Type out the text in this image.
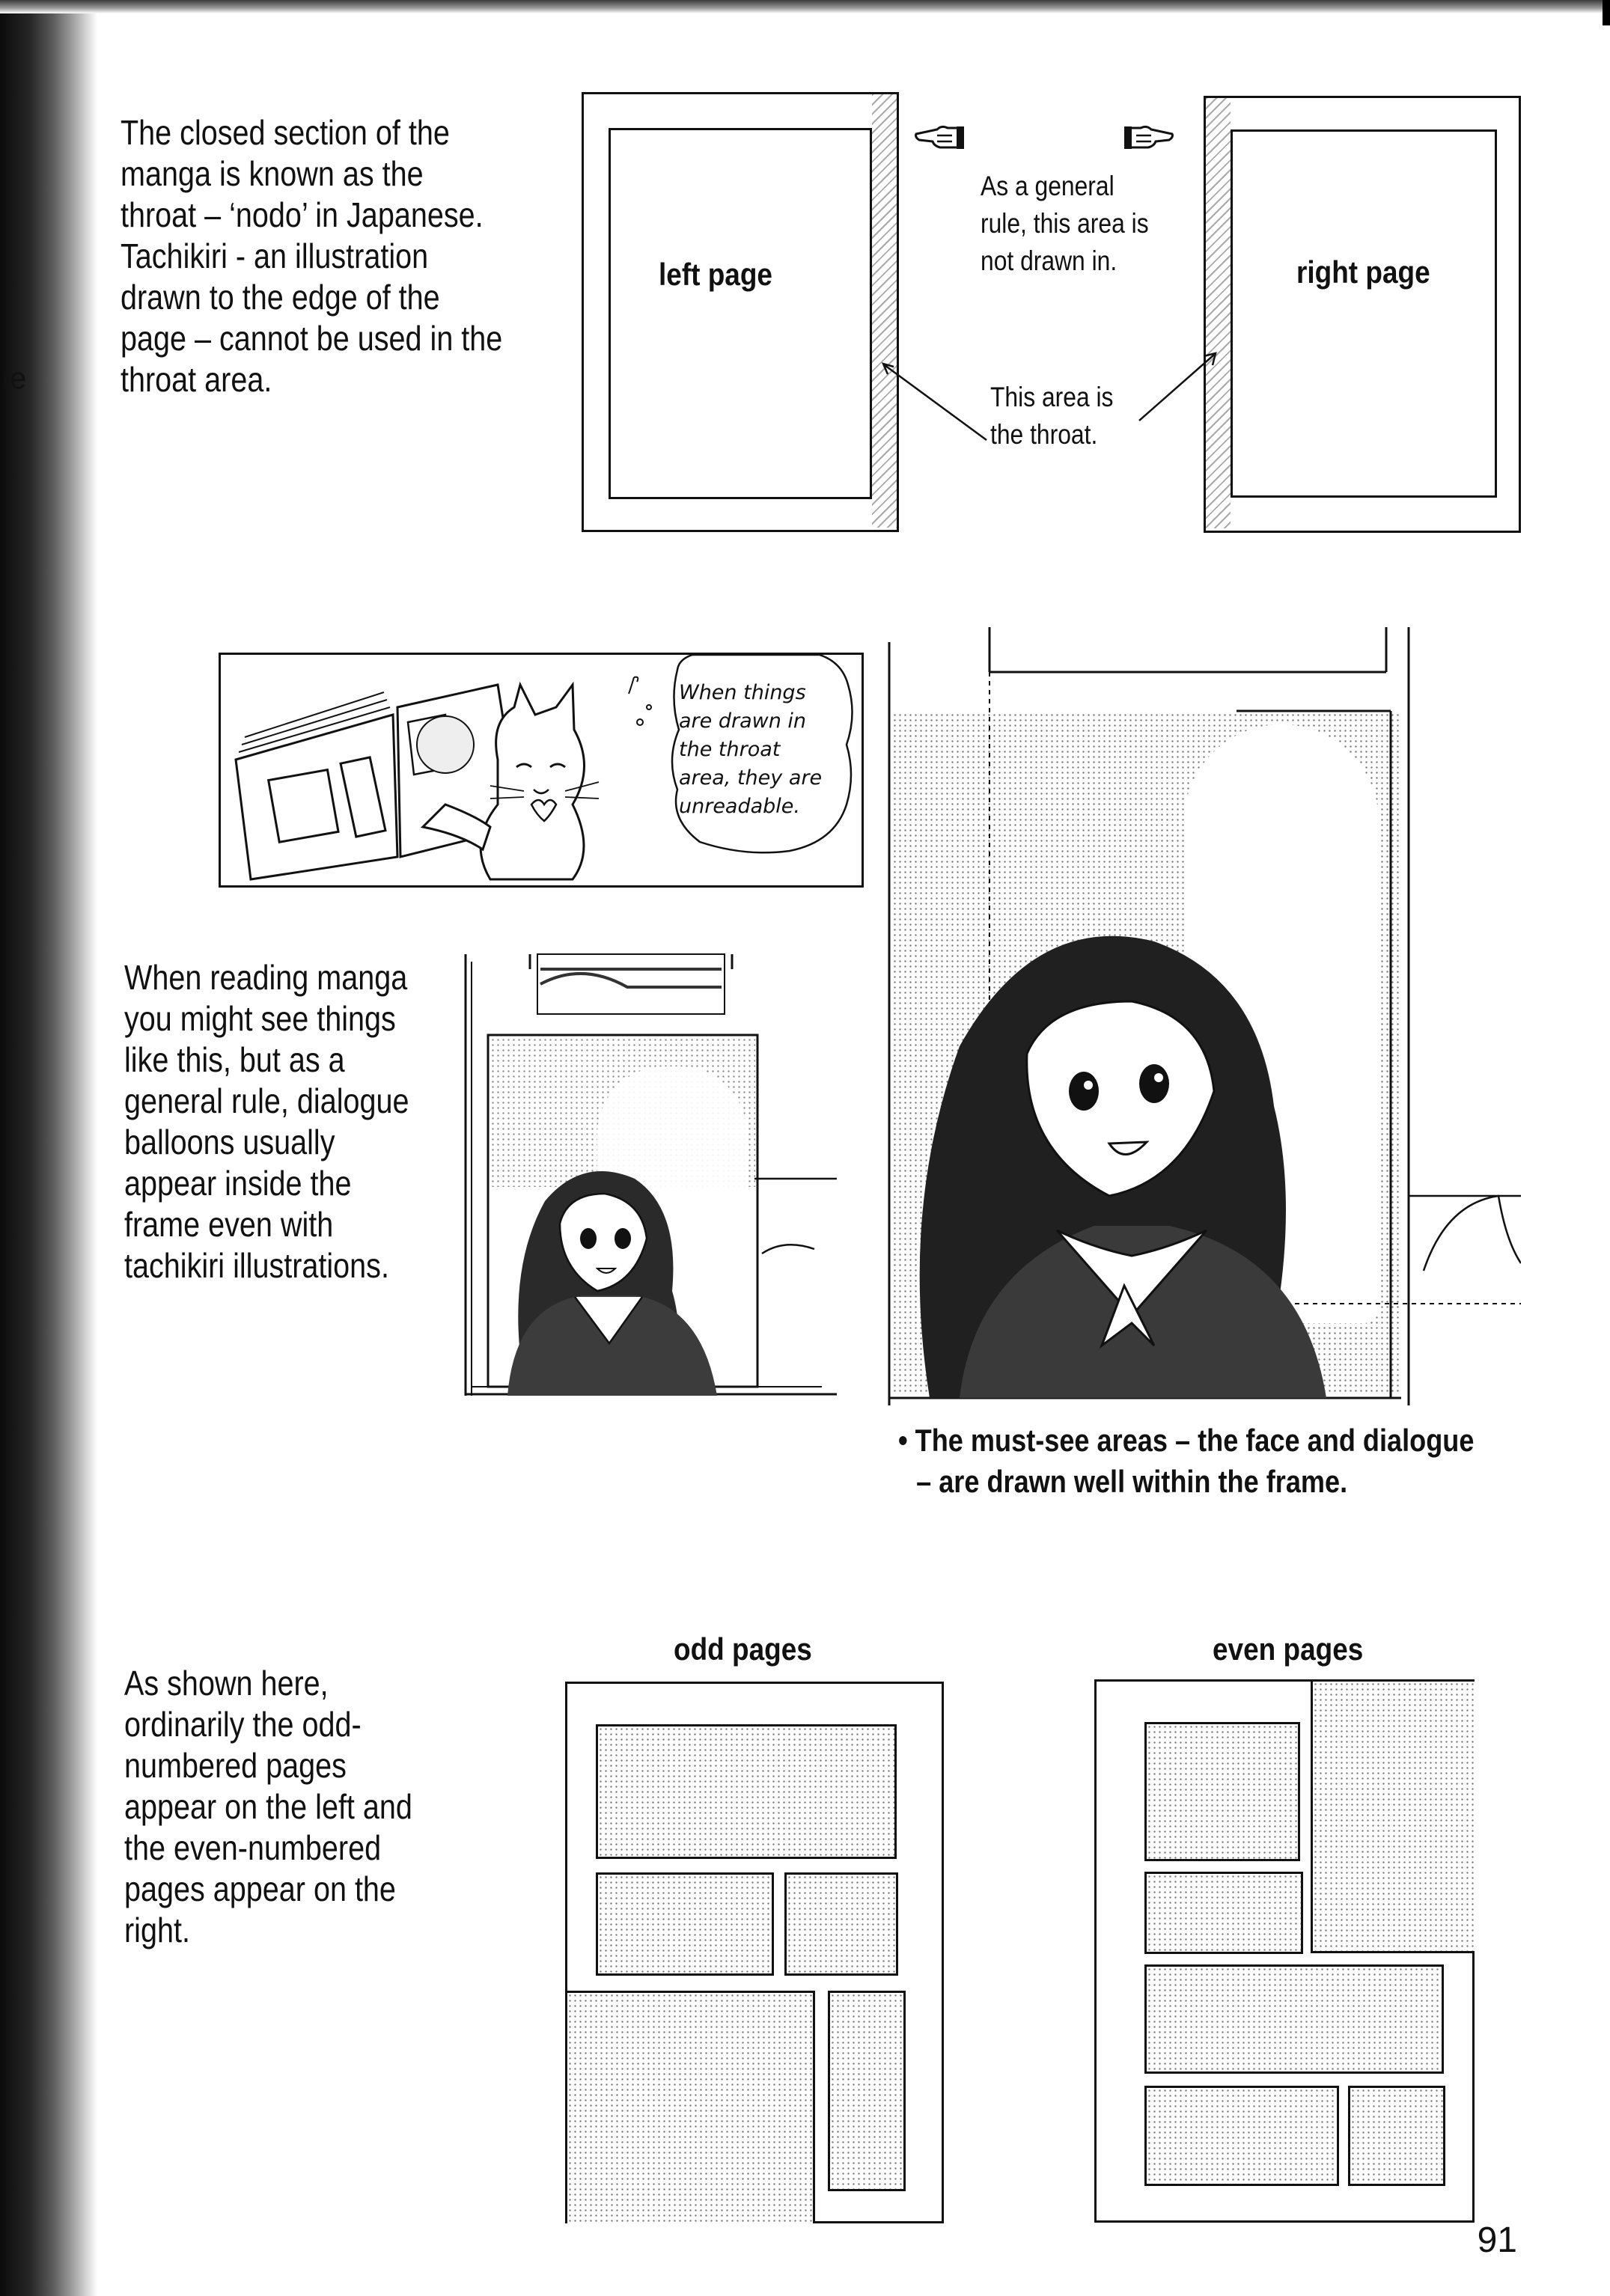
ıe
The closed section of the
manga is known as the
throat – ‘nodo’ in Japanese.
Tachikiri - an illustration
drawn to the edge of the
page – cannot be used in the
throat area.
left page	right page
As a general
rule, this area is
not drawn in.
This area is
the throat.
When things
are drawn in
the throat
area, they are
unreadable.
When reading manga
you might see things
like this, but as a
general rule, dialogue
balloons usually
appear inside the
frame even with
tachikiri illustrations.
• The must-see areas – the face and dialogue
– are drawn well within the frame.
As shown here,
ordinarily the odd-
numbered pages
appear on the left and
the even-numbered
pages appear on the
right.
odd pages	even pages
91
